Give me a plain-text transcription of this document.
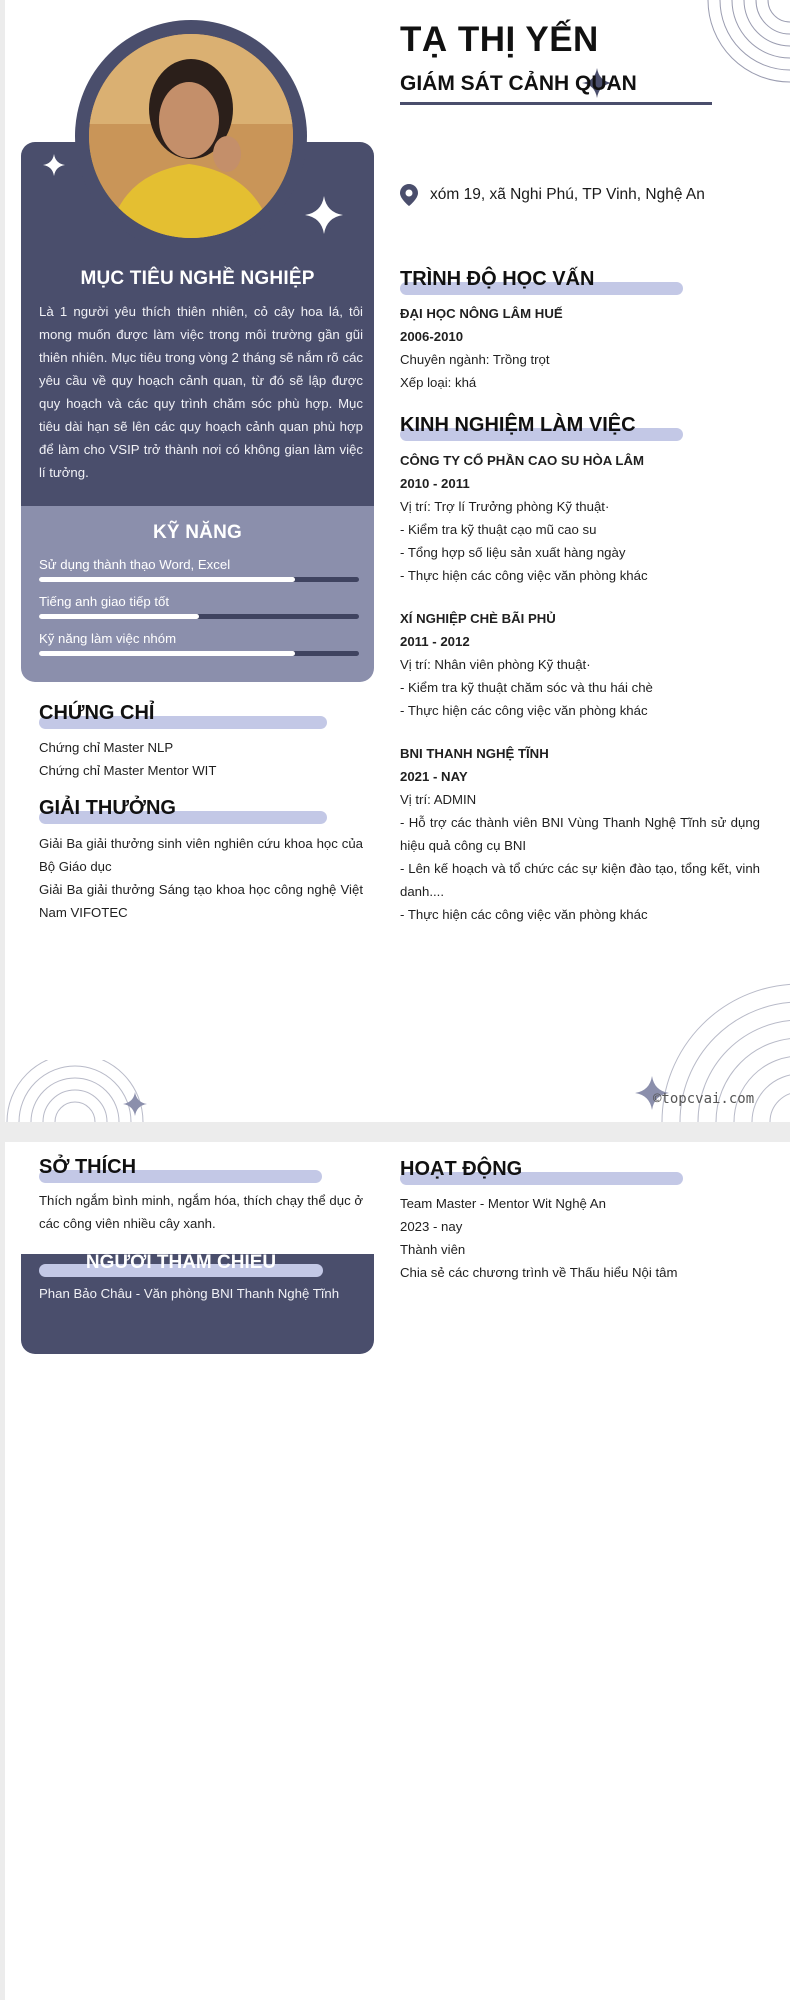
MỤC TIÊU NGHỀ NGHIỆP
Là 1 người yêu thích thiên nhiên, cỏ cây hoa lá, tôi mong muốn được làm việc trong môi trường gần gũi thiên nhiên. Mục tiêu trong vòng 2 tháng sẽ nắm rõ các yêu cầu về quy hoạch cảnh quan, từ đó sẽ lập được quy hoạch và các quy trình chăm sóc phù hợp. Mục tiêu dài hạn sẽ lên các quy hoạch cảnh quan phù hợp để làm cho VSIP trở thành nơi có không gian làm việc lí tưởng.
KỸ NĂNG
Sử dụng thành thạo Word, Excel
Tiếng anh giao tiếp tốt
Kỹ năng làm việc nhóm
CHỨNG CHỈ
Chứng chỉ Master NLP
Chứng chỉ Master Mentor WIT
GIẢI THƯỞNG
Giải Ba giải thưởng sinh viên nghiên cứu khoa học của Bộ Giáo dục
Giải Ba giải thưởng Sáng tạo khoa học công nghệ Việt Nam VIFOTEC
TẠ THỊ YẾN
GIÁM SÁT CẢNH QUAN
xóm 19, xã Nghi Phú, TP Vinh, Nghệ An
TRÌNH ĐỘ HỌC VẤN
ĐẠI HỌC NÔNG LÂM HUẾ
2006-2010
Chuyên ngành: Trồng trọt
Xếp loại: khá
KINH NGHIỆM LÀM VIỆC
CÔNG TY CỔ PHẦN CAO SU HÒA LÂM
2010 - 2011
Vị trí: Trợ lí Trưởng phòng Kỹ thuật·
- Kiểm tra kỹ thuật cạo mũ cao su
- Tổng hợp số liệu sản xuất hàng ngày
- Thực hiện các công việc văn phòng khác
XÍ NGHIỆP CHÈ BÃI PHỦ
2011 - 2012
Vị trí: Nhân viên phòng Kỹ thuật·
- Kiểm tra kỹ thuật chăm sóc và thu hái chè
- Thực hiện các công việc văn phòng khác
BNI THANH NGHỆ TĨNH
2021 - NAY
Vị trí: ADMIN
- Hỗ trợ các thành viên BNI Vùng Thanh Nghệ Tĩnh sử dụng hiệu quả công cụ BNI
- Lên kế hoạch và tổ chức các sự kiện đào tạo, tổng kết, vinh danh....
- Thực hiện các công việc văn phòng khác
©topcvai.com
SỞ THÍCH
Thích ngắm bình minh, ngắm hóa, thích chạy thể dục ở các công viên nhiều cây xanh.
NGƯỜI THAM CHIẾU
Phan Bảo Châu - Văn phòng BNI Thanh Nghệ Tĩnh
HOẠT ĐỘNG
Team Master - Mentor Wit Nghệ An
2023 - nay
Thành viên
Chia sẻ các chương trình về Thấu hiểu Nội tâm
